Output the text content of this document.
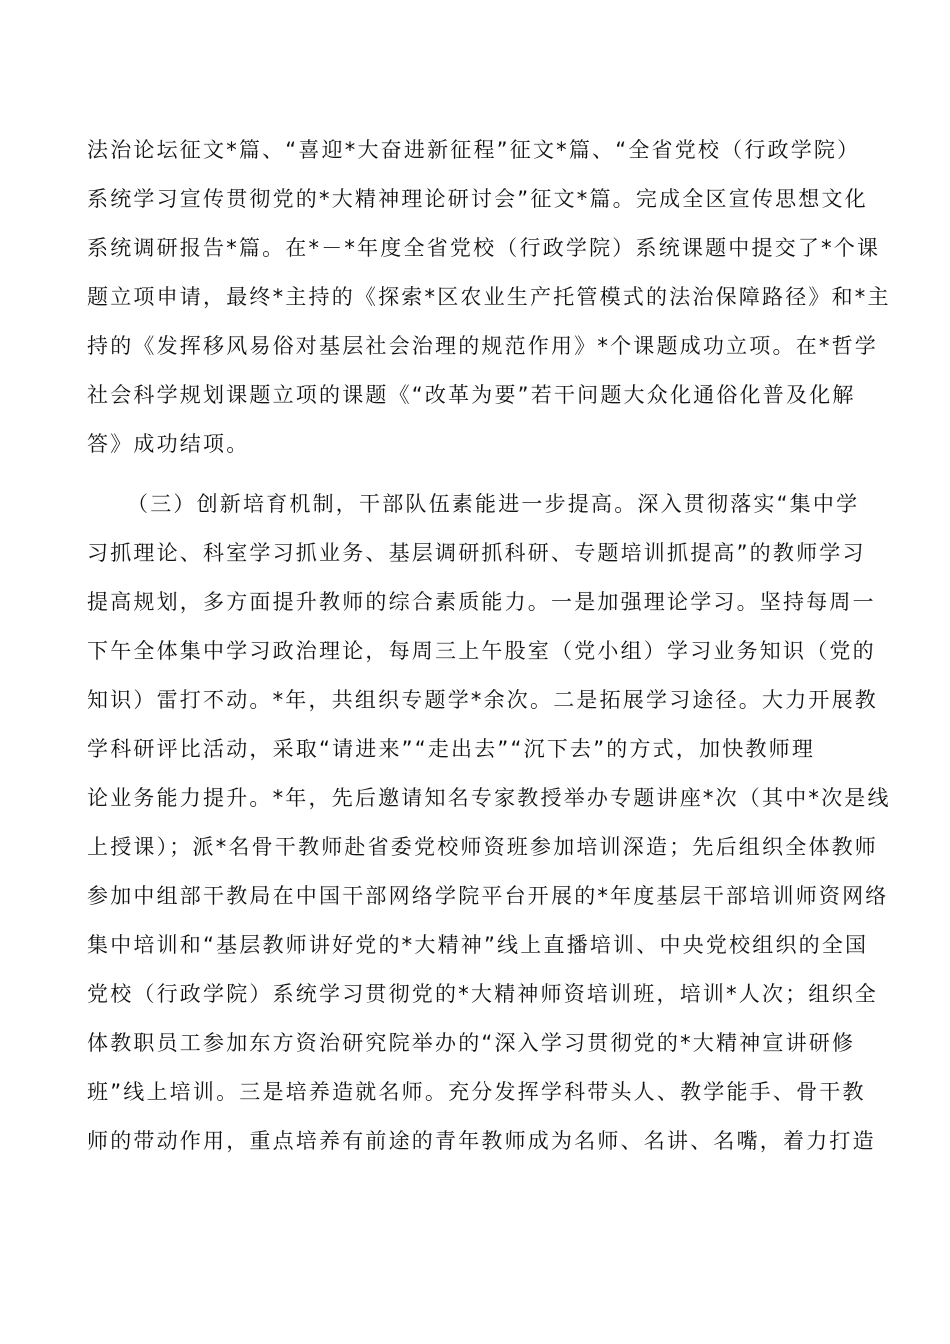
法治论坛征文*篇、“喜迎*大奋进新征程”征文*篇、“全省党校（行政学院）
系统学习宣传贯彻党的*大精神理论研讨会”征文*篇。完成全区宣传思想文化
系统调研报告*篇。在*－*年度全省党校（行政学院）系统课题中提交了*个课
题立项申请，最终*主持的《探索*区农业生产托管模式的法治保障路径》和*主
持的《发挥移风易俗对基层社会治理的规范作用》*个课题成功立项。在*哲学
社会科学规划课题立项的课题《“改革为要”若干问题大众化通俗化普及化解
答》成功结项。
（三）创新培育机制，干部队伍素能进一步提高。深入贯彻落实“集中学
习抓理论、科室学习抓业务、基层调研抓科研、专题培训抓提高”的教师学习
提高规划，多方面提升教师的综合素质能力。一是加强理论学习。坚持每周一
下午全体集中学习政治理论，每周三上午股室（党小组）学习业务知识（党的
知识）雷打不动。*年，共组织专题学*余次。二是拓展学习途径。大力开展教
学科研评比活动，采取“请进来”“走出去”“沉下去”的方式，加快教师理
论业务能力提升。*年，先后邀请知名专家教授举办专题讲座*次（其中*次是线
上授课）；派*名骨干教师赴省委党校师资班参加培训深造；先后组织全体教师
参加中组部干教局在中国干部网络学院平台开展的*年度基层干部培训师资网络
集中培训和“基层教师讲好党的*大精神”线上直播培训、中央党校组织的全国
党校（行政学院）系统学习贯彻党的*大精神师资培训班，培训*人次；组织全
体教职员工参加东方资治研究院举办的“深入学习贯彻党的*大精神宣讲研修
班”线上培训。三是培养造就名师。充分发挥学科带头人、教学能手、骨干教
师的带动作用，重点培养有前途的青年教师成为名师、名讲、名嘴，着力打造
